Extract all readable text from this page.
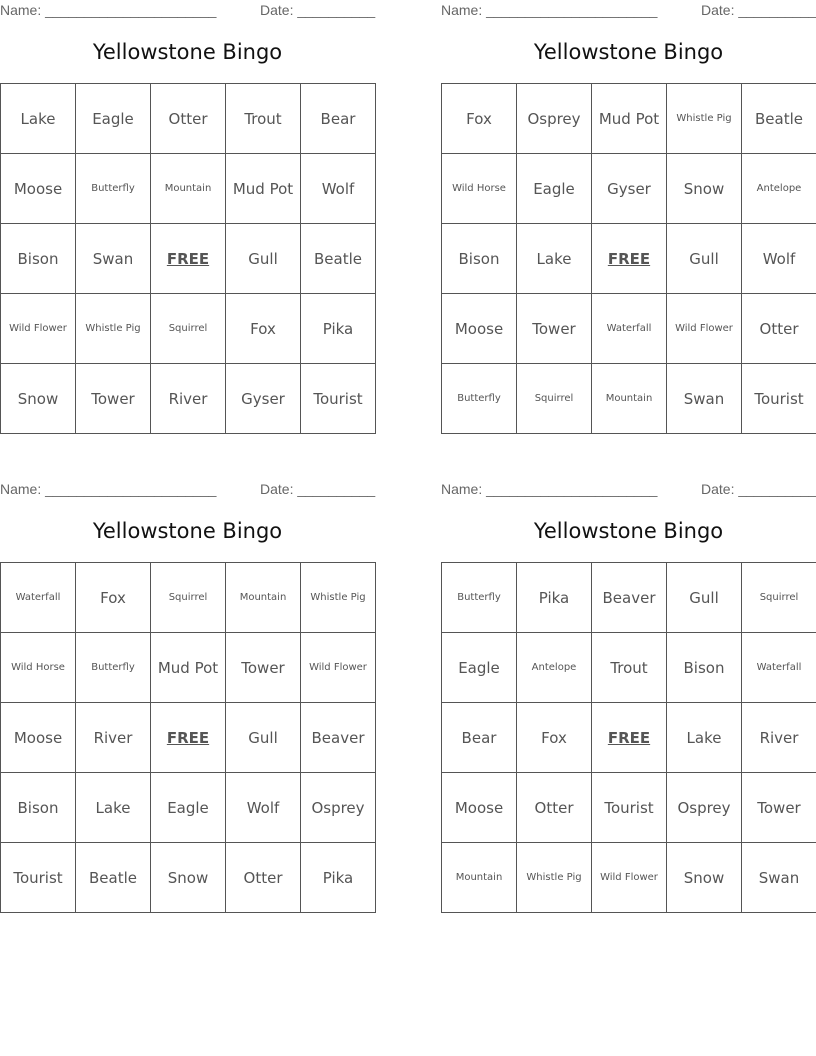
Name: ______________________	Date: __________
Yellowstone Bingo
Lake	Eagle	Otter	Trout	Bear
Moose	Butterfly	Mountain	Mud Pot	Wolf
Bison	Swan	FREE	Gull	Beatle
Wild Flower	Whistle Pig	Squirrel	Fox	Pika
Snow	Tower	River	Gyser	Tourist
Name: ______________________	Date: __________
Yellowstone Bingo
Fox	Osprey	Mud Pot	Whistle Pig	Beatle
Wild Horse	Eagle	Gyser	Snow	Antelope
Bison	Lake	FREE	Gull	Wolf
Moose	Tower	Waterfall	Wild Flower	Otter
Butterfly	Squirrel	Mountain	Swan	Tourist
Name: ______________________	Date: __________
Yellowstone Bingo
Waterfall	Fox	Squirrel	Mountain	Whistle Pig
Wild Horse	Butterfly	Mud Pot	Tower	Wild Flower
Moose	River	FREE	Gull	Beaver
Bison	Lake	Eagle	Wolf	Osprey
Tourist	Beatle	Snow	Otter	Pika
Name: ______________________	Date: __________
Yellowstone Bingo
Butterfly	Pika	Beaver	Gull	Squirrel
Eagle	Antelope	Trout	Bison	Waterfall
Bear	Fox	FREE	Lake	River
Moose	Otter	Tourist	Osprey	Tower
Mountain	Whistle Pig	Wild Flower	Snow	Swan
